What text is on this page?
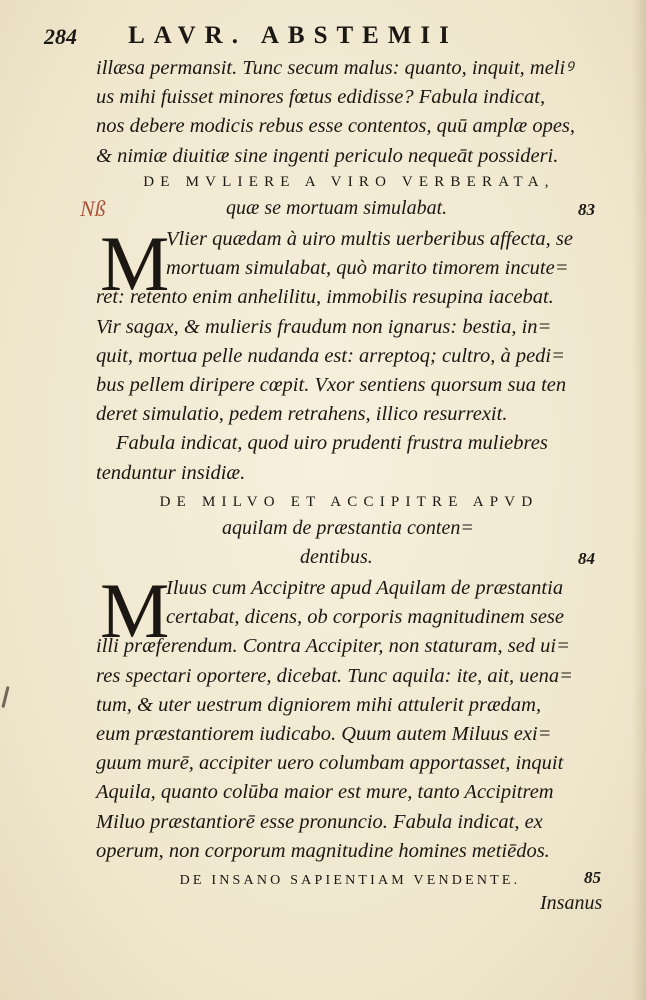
284	LAVR. ABSTEMII
illæsa permansit. Tunc secum malus: quanto, inquit, meliꝰ
us mihi fuisset minores fœtus edidisse? Fabula indicat,
nos debere modicis rebus esse contentos, quū amplæ opes,
& nimiæ diuitiæ sine ingenti periculo nequeāt possideri.
DE MVLIERE A VIRO VERBERATA,
Nß	quæ se mortuam simulabat.	83
M
Vlier quædam à uiro multis uerberibus affecta, se
mortuam simulabat, quò marito timorem incute=
ret: retento enim anhelilitu, immobilis resupina iacebat.
Vir sagax, & mulieris fraudum non ignarus: bestia, in=
quit, mortua pelle nudanda est: arreptoq; cultro, à pedi=
bus pellem diripere cœpit. Vxor sentiens quorsum sua ten
deret simulatio, pedem retrahens, illico resurrexit.
Fabula indicat, quod uiro prudenti frustra muliebres
tenduntur insidiæ.
DE MILVO ET ACCIPITRE APVD
aquilam de præstantia conten=
dentibus.	84
M
Iluus cum Accipitre apud Aquilam de præstantia
certabat, dicens, ob corporis magnitudinem sese
illi præferendum. Contra Accipiter, non staturam, sed ui=
res spectari oportere, dicebat. Tunc aquila: ite, ait, uena=
tum, & uter uestrum digniorem mihi attulerit prædam,
eum præstantiorem iudicabo. Quum autem Miluus exi=
guum murē, accipiter uero columbam apportasset, inquit
Aquila, quanto colūba maior est mure, tanto Accipitrem
Miluo præstantiorē esse pronuncio. Fabula indicat, ex
operum, non corporum magnitudine homines metiēdos.
DE INSANO SAPIENTIAM VENDENTE.	85
Insanus
